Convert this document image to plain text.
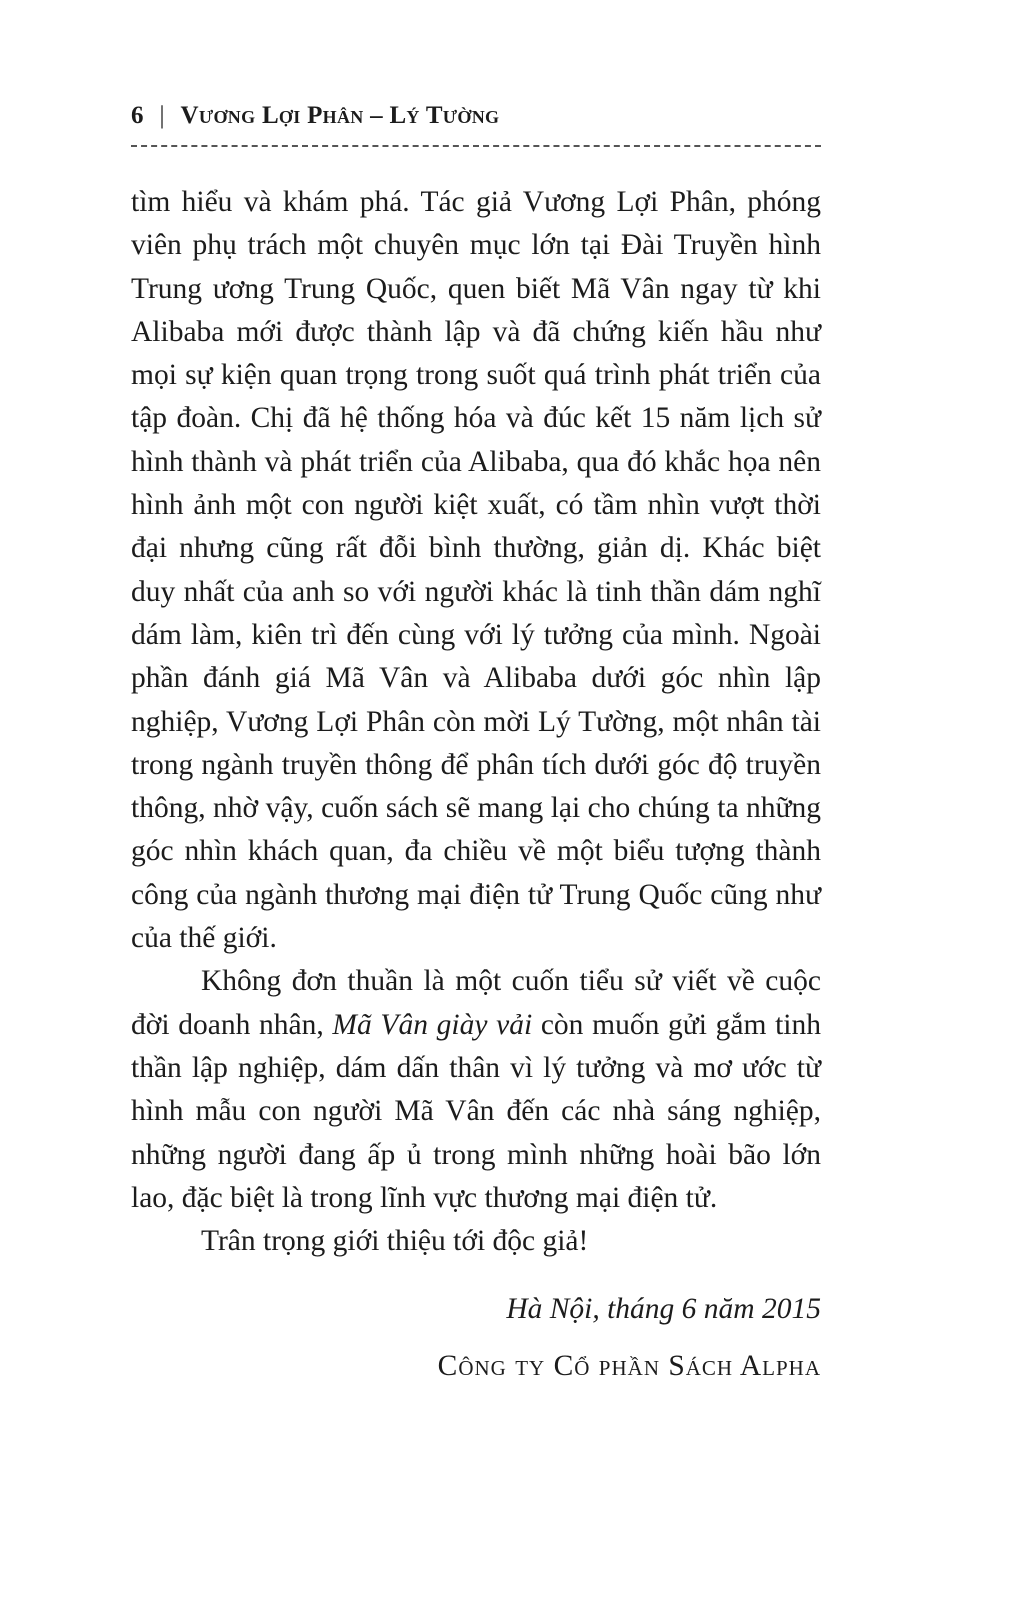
6 | Vương Lợi Phân – Lý Tường

tìm hiểu và khám phá. Tác giả Vương Lợi Phân, phóng viên phụ trách một chuyên mục lớn tại Đài Truyền hình Trung ương Trung Quốc, quen biết Mã Vân ngay từ khi Alibaba mới được thành lập và đã chứng kiến hầu như mọi sự kiện quan trọng trong suốt quá trình phát triển của tập đoàn. Chị đã hệ thống hóa và đúc kết 15 năm lịch sử hình thành và phát triển của Alibaba, qua đó khắc họa nên hình ảnh một con người kiệt xuất, có tầm nhìn vượt thời đại nhưng cũng rất đỗi bình thường, giản dị. Khác biệt duy nhất của anh so với người khác là tinh thần dám nghĩ dám làm, kiên trì đến cùng với lý tưởng của mình. Ngoài phần đánh giá Mã Vân và Alibaba dưới góc nhìn lập nghiệp, Vương Lợi Phân còn mời Lý Tường, một nhân tài trong ngành truyền thông để phân tích dưới góc độ truyền thông, nhờ vậy, cuốn sách sẽ mang lại cho chúng ta những góc nhìn khách quan, đa chiều về một biểu tượng thành công của ngành thương mại điện tử Trung Quốc cũng như của thế giới.

Không đơn thuần là một cuốn tiểu sử viết về cuộc đời doanh nhân, Mã Vân giày vải còn muốn gửi gắm tinh thần lập nghiệp, dám dấn thân vì lý tưởng và mơ ước từ hình mẫu con người Mã Vân đến các nhà sáng nghiệp, những người đang ấp ủ trong mình những hoài bão lớn lao, đặc biệt là trong lĩnh vực thương mại điện tử.

Trân trọng giới thiệu tới độc giả!

Hà Nội, tháng 6 năm 2015
Công ty Cổ phần Sách Alpha
